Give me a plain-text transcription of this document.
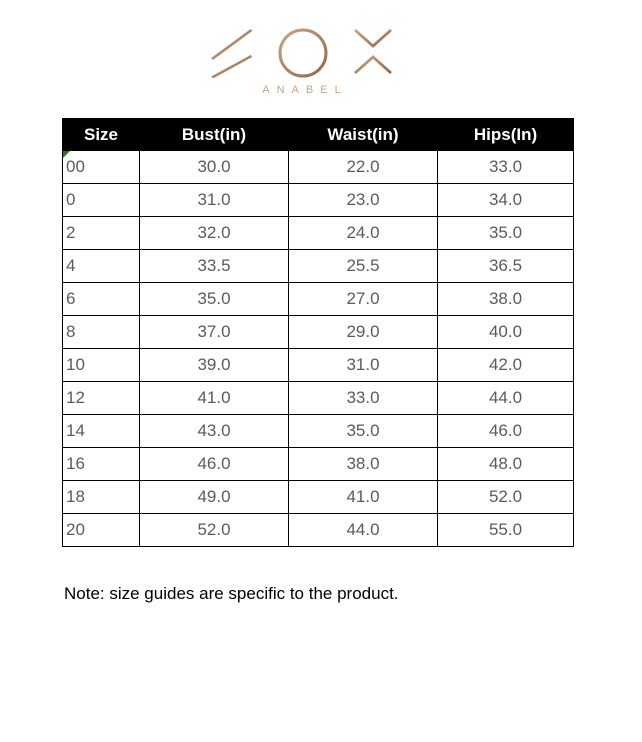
ANABEL
Size	Bust(in)	Waist(in)	Hips(In)
00	30.0	22.0	33.0
0	31.0	23.0	34.0
2	32.0	24.0	35.0
4	33.5	25.5	36.5
6	35.0	27.0	38.0
8	37.0	29.0	40.0
10	39.0	31.0	42.0
12	41.0	33.0	44.0
14	43.0	35.0	46.0
16	46.0	38.0	48.0
18	49.0	41.0	52.0
20	52.0	44.0	55.0
Note: size guides are specific to the product.
